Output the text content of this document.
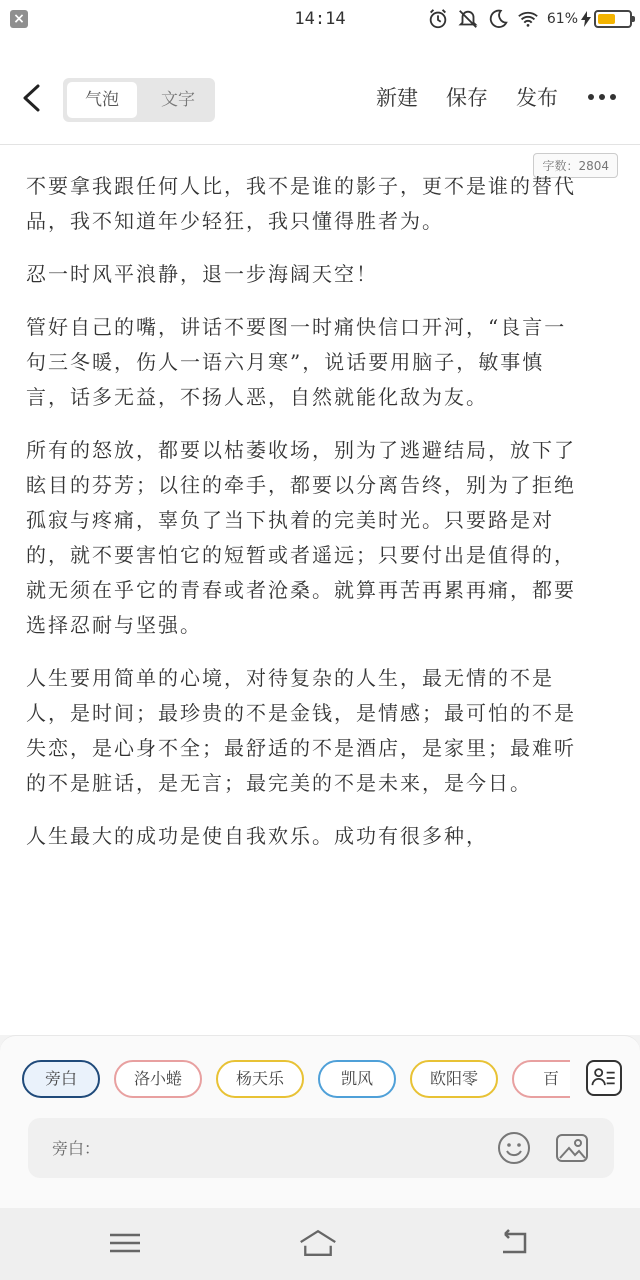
×	14:14	61%
气泡	文字	新建 保存 发布
字数：2804

不要拿我跟任何人比，我不是谁的影子，更不是谁的替代品，我不知道年少轻狂，我只懂得胜者为。

忍一时风平浪静，退一步海阔天空！

管好自己的嘴，讲话不要图一时痛快信口开河，“良言一句三冬暖，伤人一语六月寒”，说话要用脑子，敏事慎言，话多无益，不扬人恶，自然就能化敌为友。

所有的怒放，都要以枯萎收场，别为了逃避结局，放下了眩目的芬芳；以往的牵手，都要以分离告终，别为了拒绝孤寂与疼痛，辜负了当下执着的完美时光。只要路是对的，就不要害怕它的短暂或者遥远；只要付出是值得的，就无须在乎它的青春或者沧桑。就算再苦再累再痛，都要选择忍耐与坚强。

人生要用简单的心境，对待复杂的人生，最无情的不是人，是时间；最珍贵的不是金钱，是情感；最可怕的不是失恋，是心身不全；最舒适的不是酒店，是家里；最难听的不是脏话，是无言；最完美的不是未来，是今日。

人生最大的成功是使自我欢乐。成功有很多种，

旁白	洛小蜷	杨天乐	凯风	欧阳零	百
旁白：
